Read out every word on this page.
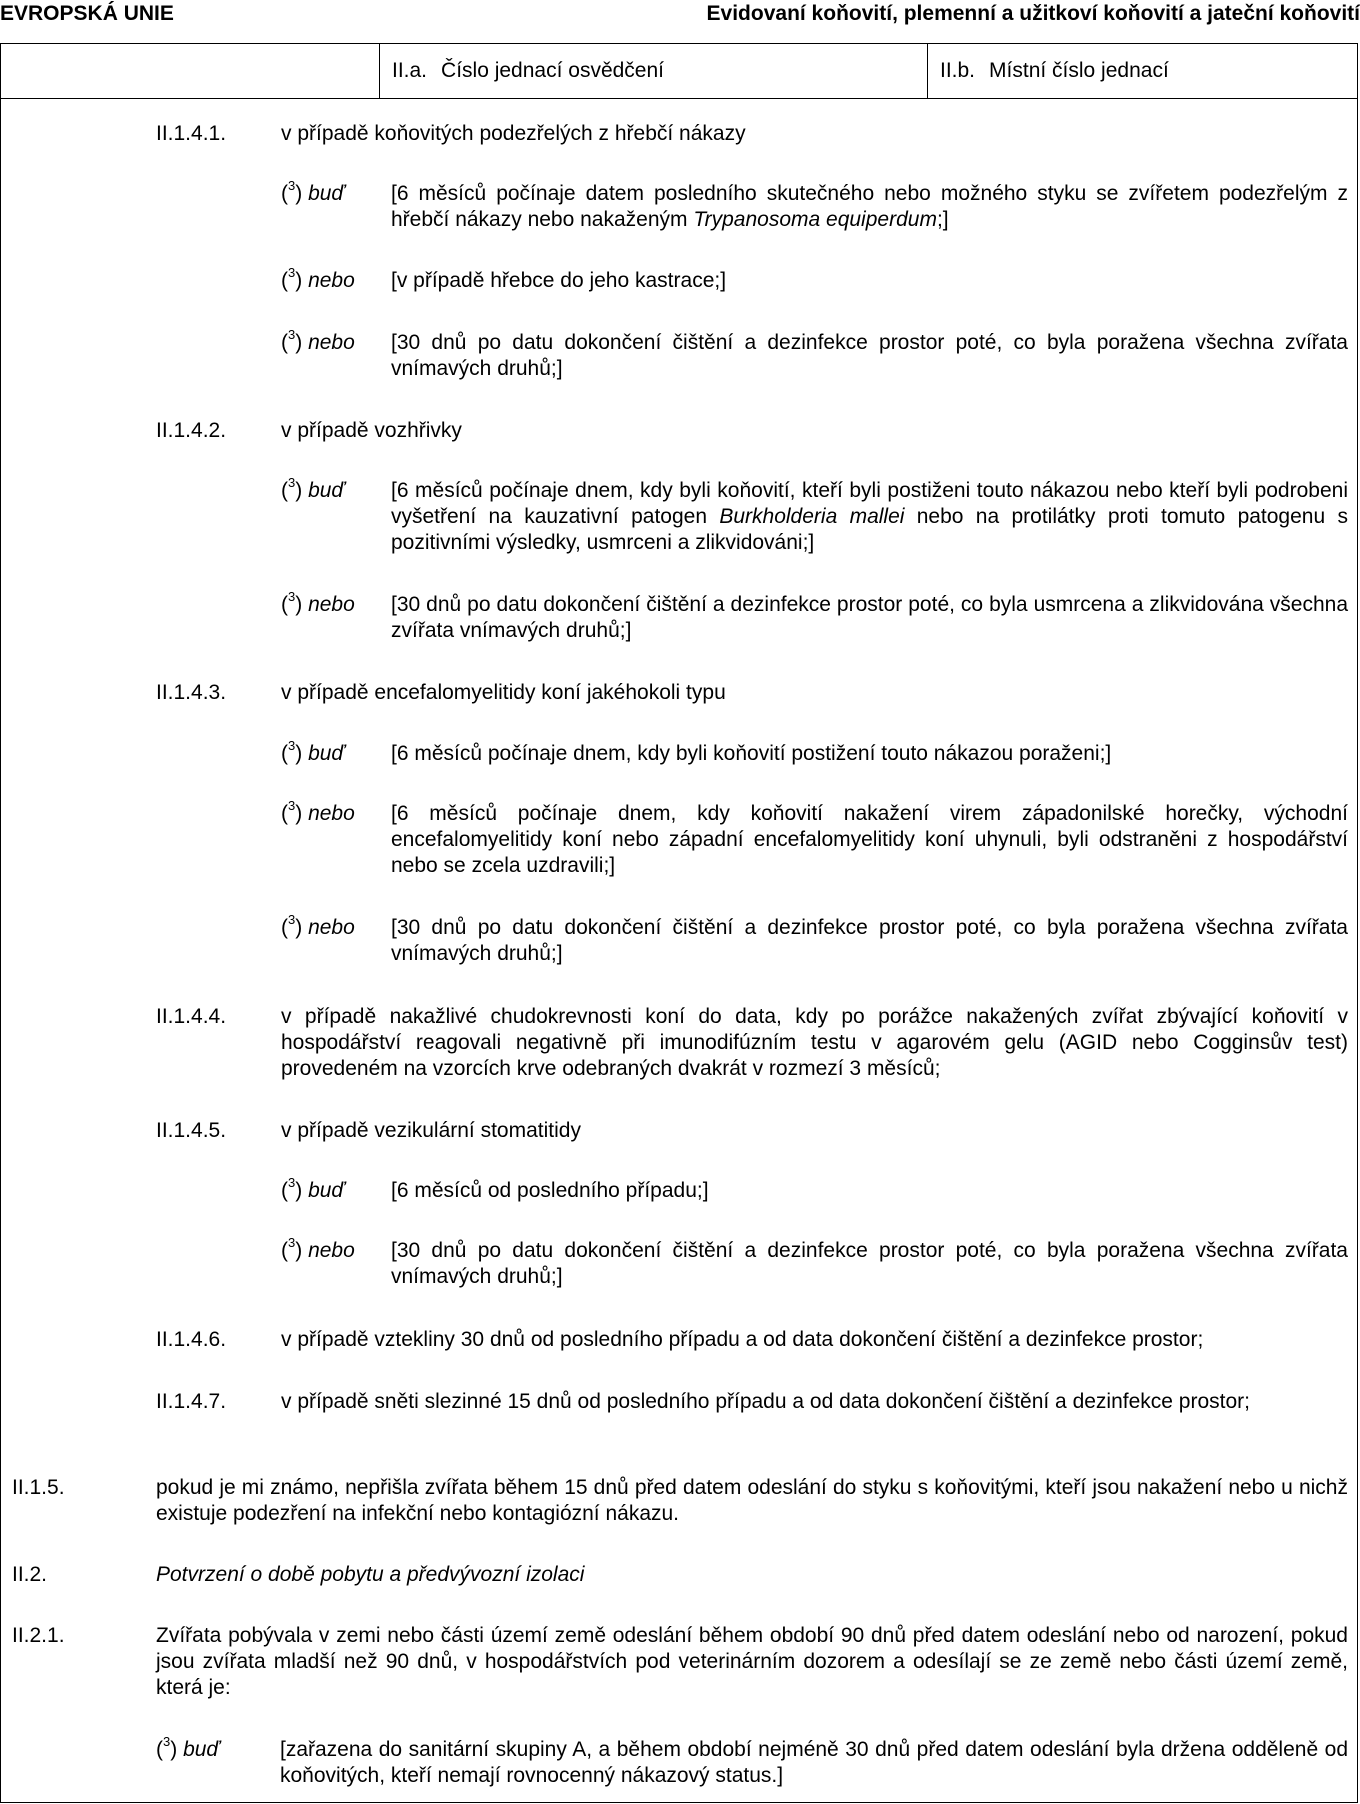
EVROPSKÁ UNIE	Evidovaní koňovití, plemenní a užitkoví koňovití a jateční koňovití
II.a. Číslo jednací osvědčení	II.b. Místní číslo jednací
II.1.4.1.	v případě koňovitých podezřelých z hřebčí nákazy
($^3$) buď [6 měsíců počínaje datem posledního skutečného nebo možného styku se zvířetem podezřelým z hřebčí nákazy nebo nakaženým Trypanosoma equiperdum;]
($^3$) nebo [v případě hřebce do jeho kastrace;]
($^3$) nebo [30 dnů po datu dokončení čištění a dezinfekce prostor poté, co byla poražena všechna zvířata vnímavých druhů;]
II.1.4.2.	v případě vozhřivky
($^3$) buď [6 měsíců počínaje dnem, kdy byli koňovití, kteří byli postiženi touto nákazou nebo kteří byli podrobeni vyšetření na kauzativní patogen Burkholderia mallei nebo na protilátky proti tomuto patogenu s pozitivními výsledky, usmrceni a zlikvidováni;]
($^3$) nebo [30 dnů po datu dokončení čištění a dezinfekce prostor poté, co byla usmrcena a zlikvidována všechna zvířata vnímavých druhů;]
II.1.4.3.	v případě encefalomyelitidy koní jakéhokoli typu
($^3$) buď [6 měsíců počínaje dnem, kdy byli koňovití postižení touto nákazou poraženi;]
($^3$) nebo [6 měsíců počínaje dnem, kdy koňovití nakažení virem západonilské horečky, východní encefalomyelitidy koní nebo západní encefalomyelitidy koní uhynuli, byli odstraněni z hospodářství nebo se zcela uzdravili;]
($^3$) nebo [30 dnů po datu dokončení čištění a dezinfekce prostor poté, co byla poražena všechna zvířata vnímavých druhů;]
II.1.4.4.	v případě nakažlivé chudokrevnosti koní do data, kdy po porážce nakažených zvířat zbývající koňovití v hospodářství reagovali negativně při imunodifúzním testu v agarovém gelu (AGID nebo Cogginsův test) provedeném na vzorcích krve odebraných dvakrát v rozmezí 3 měsíců;
II.1.4.5.	v případě vezikulární stomatitidy
($^3$) buď [6 měsíců od posledního případu;]
($^3$) nebo [30 dnů po datu dokončení čištění a dezinfekce prostor poté, co byla poražena všechna zvířata vnímavých druhů;]
II.1.4.6.	v případě vztekliny 30 dnů od posledního případu a od data dokončení čištění a dezinfekce prostor;
II.1.4.7.	v případě sněti slezinné 15 dnů od posledního případu a od data dokončení čištění a dezinfekce prostor;
II.1.5.	pokud je mi známo, nepřišla zvířata během 15 dnů před datem odeslání do styku s koňovitými, kteří jsou nakažení nebo u nichž existuje podezření na infekční nebo kontagiózní nákazu.
II.2.	Potvrzení o době pobytu a předvývozní izolaci
II.2.1.	Zvířata pobývala v zemi nebo části území země odeslání během období 90 dnů před datem odeslání nebo od narození, pokud jsou zvířata mladší než 90 dnů, v hospodářstvích pod veterinárním dozorem a odesílají se ze země nebo části území země, která je:
($^3$) buď	[zařazena do sanitární skupiny A, a během období nejméně 30 dnů před datem odeslání byla držena odděleně od koňovitých, kteří nemají rovnocenný nákazový status.]
